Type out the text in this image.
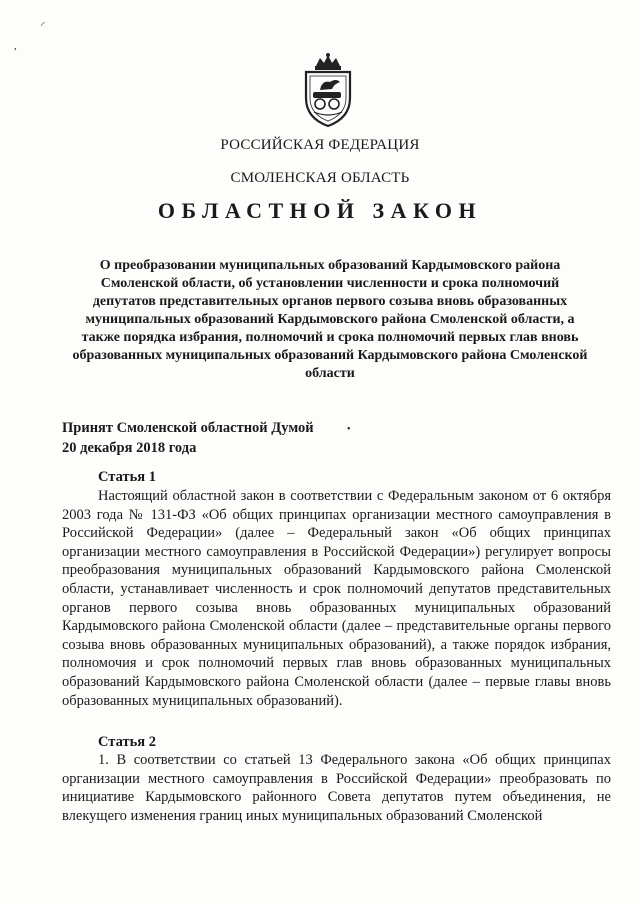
⸝
,
РОССИЙСКАЯ ФЕДЕРАЦИЯ
СМОЛЕНСКАЯ ОБЛАСТЬ
ОБЛАСТНОЙ ЗАКОН
О преобразовании муниципальных образований Кардымовского района Смоленской области, об установлении численности и срока полномочий депутатов представительных органов первого созыва вновь образованных муниципальных образований Кардымовского района Смоленской области, а также порядка избрания, полномочий и срока полномочий первых глав вновь образованных муниципальных образований Кардымовского района Смоленской области
Принят Смоленской областной Думой
20 декабря 2018 года
•
Статья 1
Настоящий областной закон в соответствии с Федеральным законом от 6 октября 2003 года № 131-ФЗ «Об общих принципах организации местного самоуправления в Российской Федерации» (далее – Федеральный закон «Об общих принципах организации местного самоуправления в Российской Федерации») регулирует вопросы преобразования муниципальных образований Кардымовского района Смоленской области, устанавливает численность и срок полномочий депутатов представительных органов первого созыва вновь образованных муниципальных образований Кардымовского района Смоленской области (далее – представительные органы первого созыва вновь образованных муниципальных образований), а также порядок избрания, полномочия и срок полномочий первых глав вновь образованных муниципальных образований Кардымовского района Смоленской области (далее – первые главы вновь образованных муниципальных образований).
Статья 2
1. В соответствии со статьей 13 Федерального закона «Об общих принципах организации местного самоуправления в Российской Федерации» преобразовать по инициативе Кардымовского районного Совета депутатов путем объединения, не влекущего изменения границ иных муниципальных образований Смоленской
